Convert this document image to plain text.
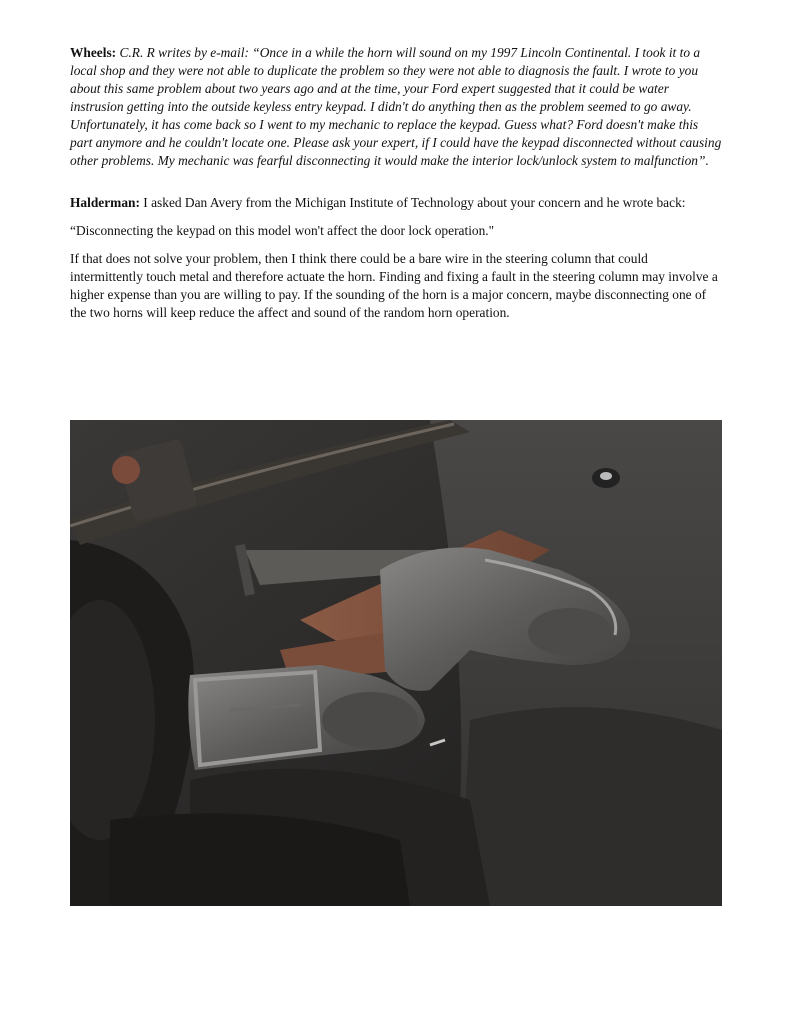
Wheels: C.R. R writes by e-mail: “Once in a while the horn will sound on my 1997 Lincoln Continental. I took it to a local shop and they were not able to duplicate the problem so they were not able to diagnosis the fault. I wrote to you about this same problem about two years ago and at the time, your Ford expert suggested that it could be water instrusion getting into the outside keyless entry keypad. I didn't do anything then as the problem seemed to go away. Unfortunately, it has come back so I went to my mechanic to replace the keypad. Guess what? Ford doesn't make this part anymore and he couldn't locate one. Please ask your expert, if I could have the keypad disconnected without causing other problems. My mechanic was fearful disconnecting it would make the interior lock/unlock system to malfunction”.

Halderman: I asked Dan Avery from the Michigan Institute of Technology about your concern and he wrote back:

“Disconnecting the keypad on this model won't affect the door lock operation."

If that does not solve your problem, then I think there could be a bare wire in the steering column that could intermittently touch metal and therefore actuate the horn. Finding and fixing a fault in the steering column may involve a higher expense than you are willing to pay. If the sounding of the horn is a major concern, maybe disconnecting one of the two horns will keep reduce the affect and sound of the random horn operation.
